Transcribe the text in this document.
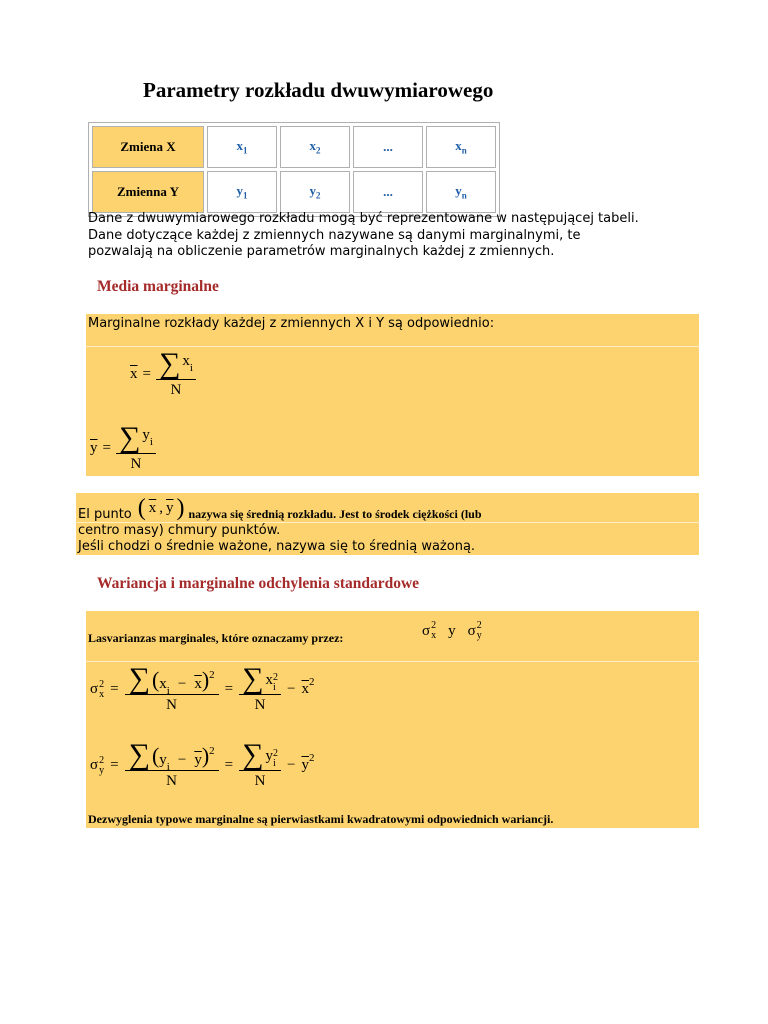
Parametry rozkładu dwuwymiarowego
Zmiena X	$x_1$	$x_2$	...	$x_n$
Zmienna Y	$y_1$	$y_2$	...	$y_n$
Dane z dwuwymiarowego rozkładu mogą być reprezentowane w następującej tabeli.
Dane dotyczące każdej z zmiennych nazywane są danymi marginalnymi, te
pozwalają na obliczenie parametrów marginalnych każdej z zmiennych.
Media marginalne
Marginalne rozkłady każdej z zmiennych X i Y są odpowiednio:
$\overline{x} = \frac{\text{∑ x i}}{N}$
$\overline{y} = \frac{\text{∑ y i}}{N}$
El punto ( $\overline{x}$ , $\overline{y}$ ) nazywa się średnią rozkładu. Jest to środek ciężkości (lub
centro masy) chmury punktów.
Jeśli chodzi o średnie ważone, nazywa się to średnią ważoną.
Wariancja i marginalne odchylenia standardowe
Lasvarianzas marginales, które oznaczamy przez:	σ 2
x y σ 2
y
σ 2
x = ∑ ( x $i - \overline{x}$ ) 2
N
= ∑ x 2
i
$N - \overline{x}$ 2
σ 2
y = ∑ ( y $i - \overline{y}$ ) 2
N
= ∑ y 2
i
$N - \overline{y}$ 2
Dezwyglenia typowe marginalne są pierwiastkami kwadratowymi odpowiednich wariancji.
